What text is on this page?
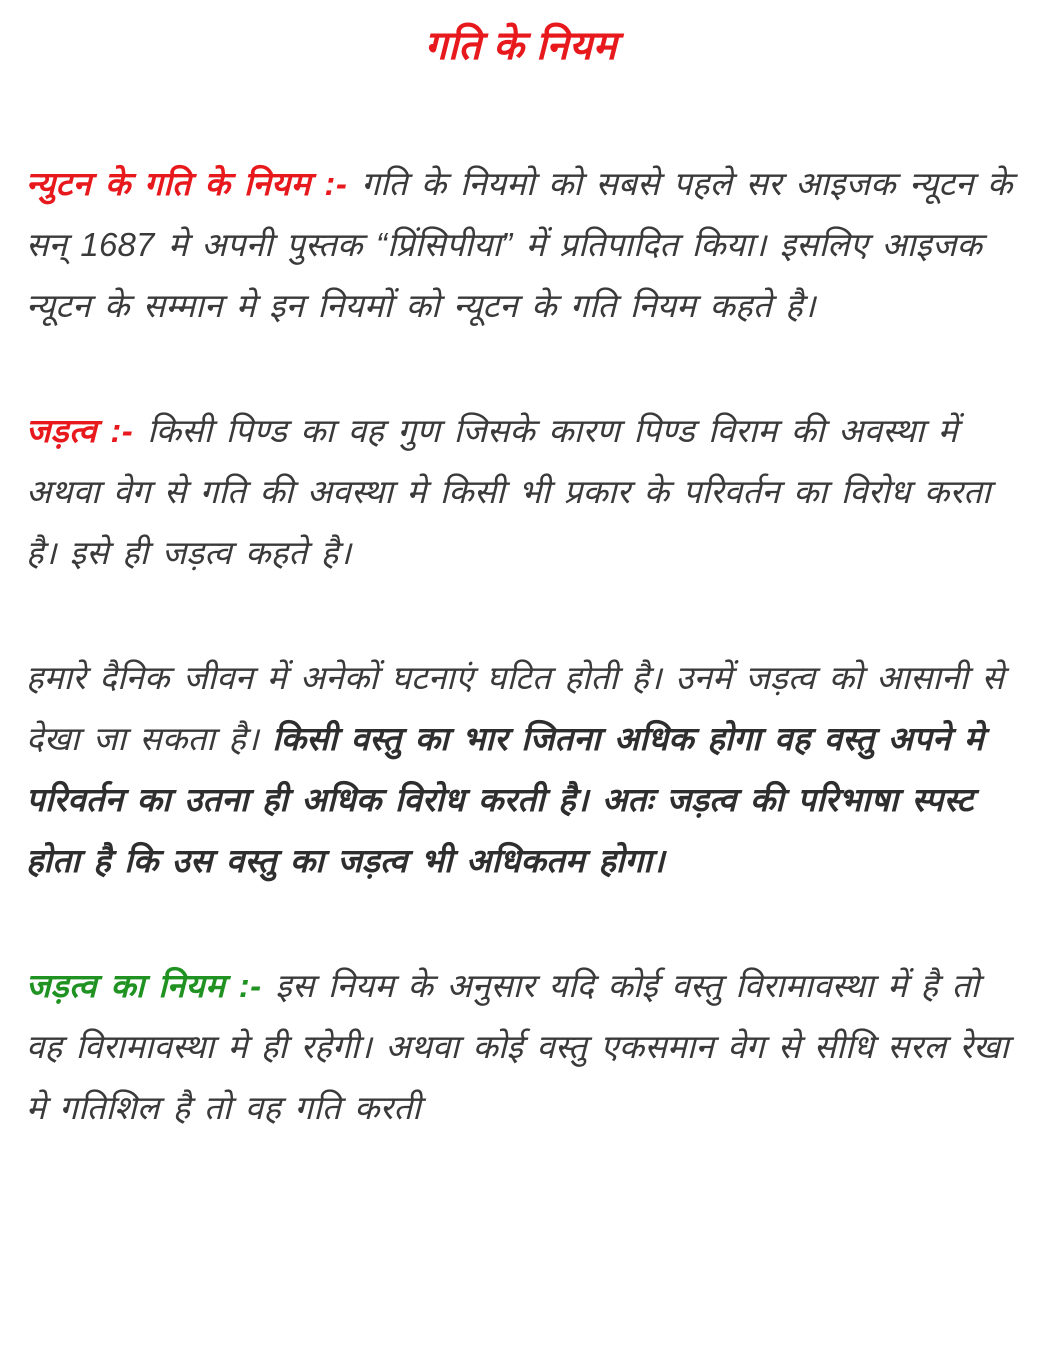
गति के नियम

न्युटन के गति के नियम :- गति के नियमो को सबसे पहले सर आइजक न्यूटन के सन् 1687 मे अपनी पुस्तक “प्रिंसिपीया” में प्रतिपादित किया। इसलिए आइजक न्यूटन के सम्मान मे इन नियमों को न्यूटन के गति नियम कहते है।

जड़त्व :- किसी पिण्ड का वह गुण जिसके कारण पिण्ड विराम की अवस्था में अथवा वेग से गति की अवस्था मे किसी भी प्रकार के परिवर्तन का विरोध करता है। इसे ही जड़त्व कहते है।

हमारे दैनिक जीवन में अनेकों घटनाएं घटित होती है। उनमें जड़त्व को आसानी से देखा जा सकता है। किसी वस्तु का भार जितना अधिक होगा वह वस्तु अपने मे परिवर्तन का उतना ही अधिक विरोध करती है। अतः जड़त्व की परिभाषा स्पस्ट होता है कि उस वस्तु का जड़त्व भी अधिकतम होगा।

जड़त्व का नियम :- इस नियम के अनुसार यदि कोई वस्तु विरामावस्था में है तो वह विरामावस्था मे ही रहेगी। अथवा कोई वस्तु एकसमान वेग से सीधि सरल रेखा मे गतिशिल है तो वह गति करती
